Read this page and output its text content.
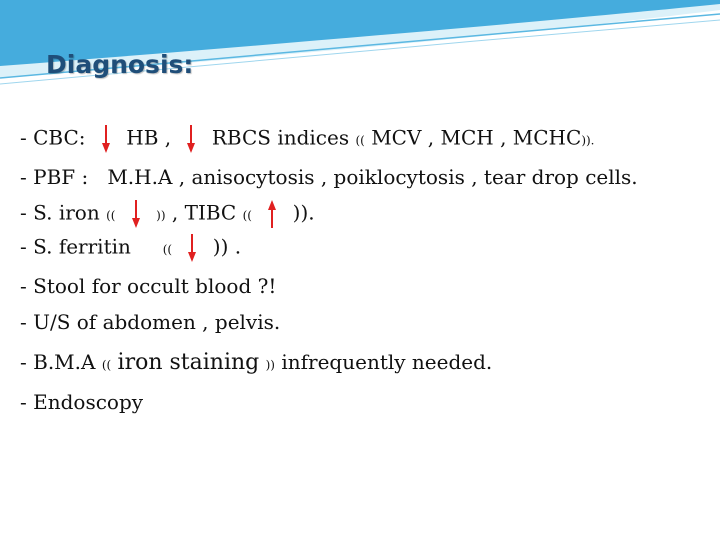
Diagnosis:
- CBC: HB , RBCS indices (( MCV , MCH , MCHC)).
- PBF : M.H.A , anisocytosis , poiklocytosis , tear drop cells.
- S. iron ((	)) , TIBC (( )).
- S. ferritin	(( )) .
- Stool for occult blood ?!
- U/S of abdomen , pelvis.
- B.M.A (( iron staining )) infrequently needed.
- Endoscopy
